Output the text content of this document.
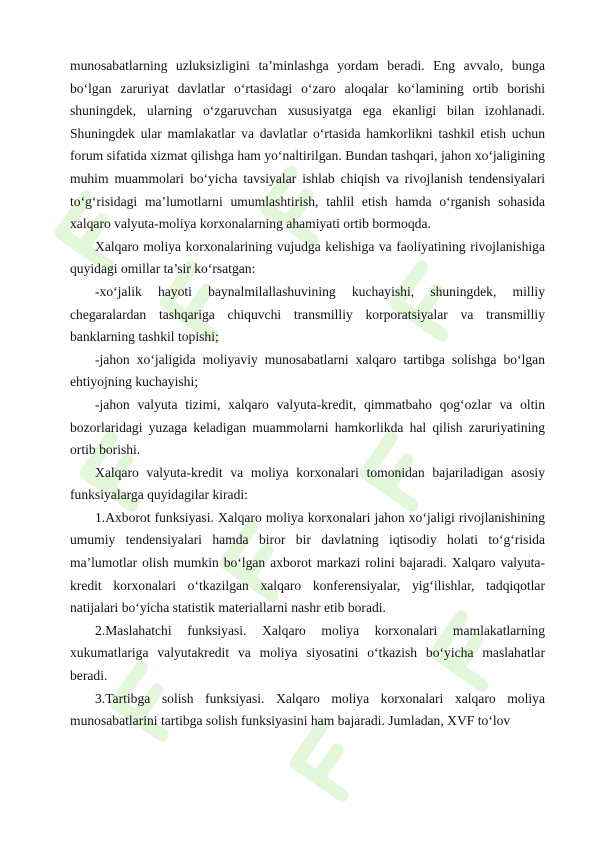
munosabatlarning uzluksizligini ta’minlashga yordam beradi. Eng avvalo, bunga bo‘lgan zaruriyat davlatlar o‘rtasidagi o‘zaro aloqalar ko‘lamining ortib borishi shuningdek, ularning o‘zgaruvchan xususiyatga ega ekanligi bilan izohlanadi. Shuningdek ular mamlakatlar va davlatlar o‘rtasida hamkorlikni tashkil etish uchun forum sifatida xizmat qilishga ham yo‘naltirilgan. Bundan tashqari, jahon xo‘jaligining muhim muammolari bo‘yicha tavsiyalar ishlab chiqish va rivojlanish tendensiyalari to‘g‘risidagi ma’lumotlarni umumlashtirish, tahlil etish hamda o‘rganish sohasida xalqaro valyuta-moliya korxonalarning ahamiyati ortib bormoqda.

Xalqaro moliya korxonalarining vujudga kelishiga va faoliyatining rivojlanishiga quyidagi omillar ta’sir ko‘rsatgan:

-xo‘jalik hayoti baynalmilallashuvining kuchayishi, shuningdek, milliy chegaralardan tashqariga chiquvchi transmilliy korporatsiyalar va transmilliy banklarning tashkil topishi;

-jahon xo‘jaligida moliyaviy munosabatlarni xalqaro tartibga solishga bo‘lgan ehtiyojning kuchayishi;

-jahon valyuta tizimi, xalqaro valyuta-kredit, qimmatbaho qog‘ozlar va oltin bozorlaridagi yuzaga keladigan muammolarni hamkorlikda hal qilish zaruriyatining ortib borishi.

Xalqaro valyuta-kredit va moliya korxonalari tomonidan bajariladigan asosiy funksiyalarga quyidagilar kiradi:

1.Axborot funksiyasi. Xalqaro moliya korxonalari jahon xo‘jaligi rivojlanishining umumiy tendensiyalari hamda biror bir davlatning iqtisodiy holati to‘g‘risida ma’lumotlar olish mumkin bo‘lgan axborot markazi rolini bajaradi. Xalqaro valyuta-kredit korxonalari o‘tkazilgan xalqaro konferensiyalar, yig‘ilishlar, tadqiqotlar natijalari bo‘yicha statistik materiallarni nashr etib boradi.

2.Maslahatchi funksiyasi. Xalqaro moliya korxonalari mamlakatlarning xukumatlariga valyutakredit va moliya siyosatini o‘tkazish bo‘yicha maslahatlar beradi.

3.Tartibga solish funksiyasi. Xalqaro moliya korxonalari xalqaro moliya munosabatlarini tartibga solish funksiyasini ham bajaradi. Jumladan, XVF to‘lov
